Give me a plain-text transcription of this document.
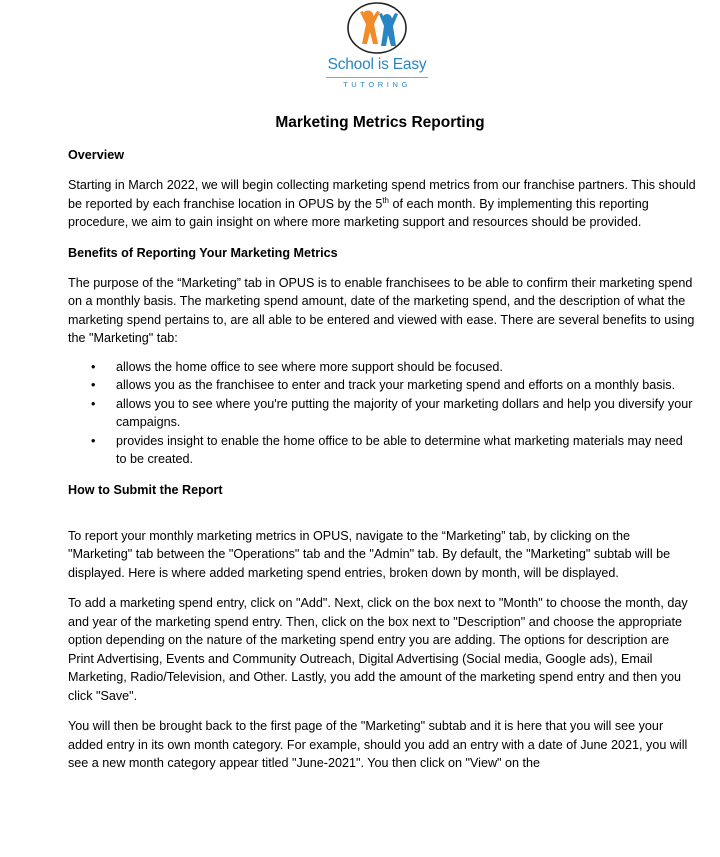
School is Easy
TUTORING
Marketing Metrics Reporting
Overview

Starting in March 2022, we will begin collecting marketing spend metrics from our franchise partners. This should be reported by each franchise location in OPUS by the 5th of each month. By implementing this reporting procedure, we aim to gain insight on where more marketing support and resources should be provided.

Benefits of Reporting Your Marketing Metrics

The purpose of the “Marketing” tab in OPUS is to enable franchisees to be able to confirm their marketing spend on a monthly basis. The marketing spend amount, date of the marketing spend, and the description of what the marketing spend pertains to, are all able to be entered and viewed with ease. There are several benefits to using the "Marketing" tab:

• allows the home office to see where more support should be focused.
• allows you as the franchisee to enter and track your marketing spend and efforts on a monthly basis.
• allows you to see where you're putting the majority of your marketing dollars and help you diversify your campaigns.
• provides insight to enable the home office to be able to determine what marketing materials may need to be created.
How to Submit the Report

To report your monthly marketing metrics in OPUS, navigate to the “Marketing” tab, by clicking on the "Marketing" tab between the "Operations" tab and the "Admin" tab. By default, the "Marketing" subtab will be displayed. Here is where added marketing spend entries, broken down by month, will be displayed.

To add a marketing spend entry, click on "Add". Next, click on the box next to "Month" to choose the month, day and year of the marketing spend entry. Then, click on the box next to "Description" and choose the appropriate option depending on the nature of the marketing spend entry you are adding. The options for description are Print Advertising, Events and Community Outreach, Digital Advertising (Social media, Google ads), Email Marketing, Radio/Television, and Other. Lastly, you add the amount of the marketing spend entry and then you click "Save".

You will then be brought back to the first page of the "Marketing" subtab and it is here that you will see your added entry in its own month category. For example, should you add an entry with a date of June 2021, you will see a new month category appear titled "June-2021". You then click on "View" on the
